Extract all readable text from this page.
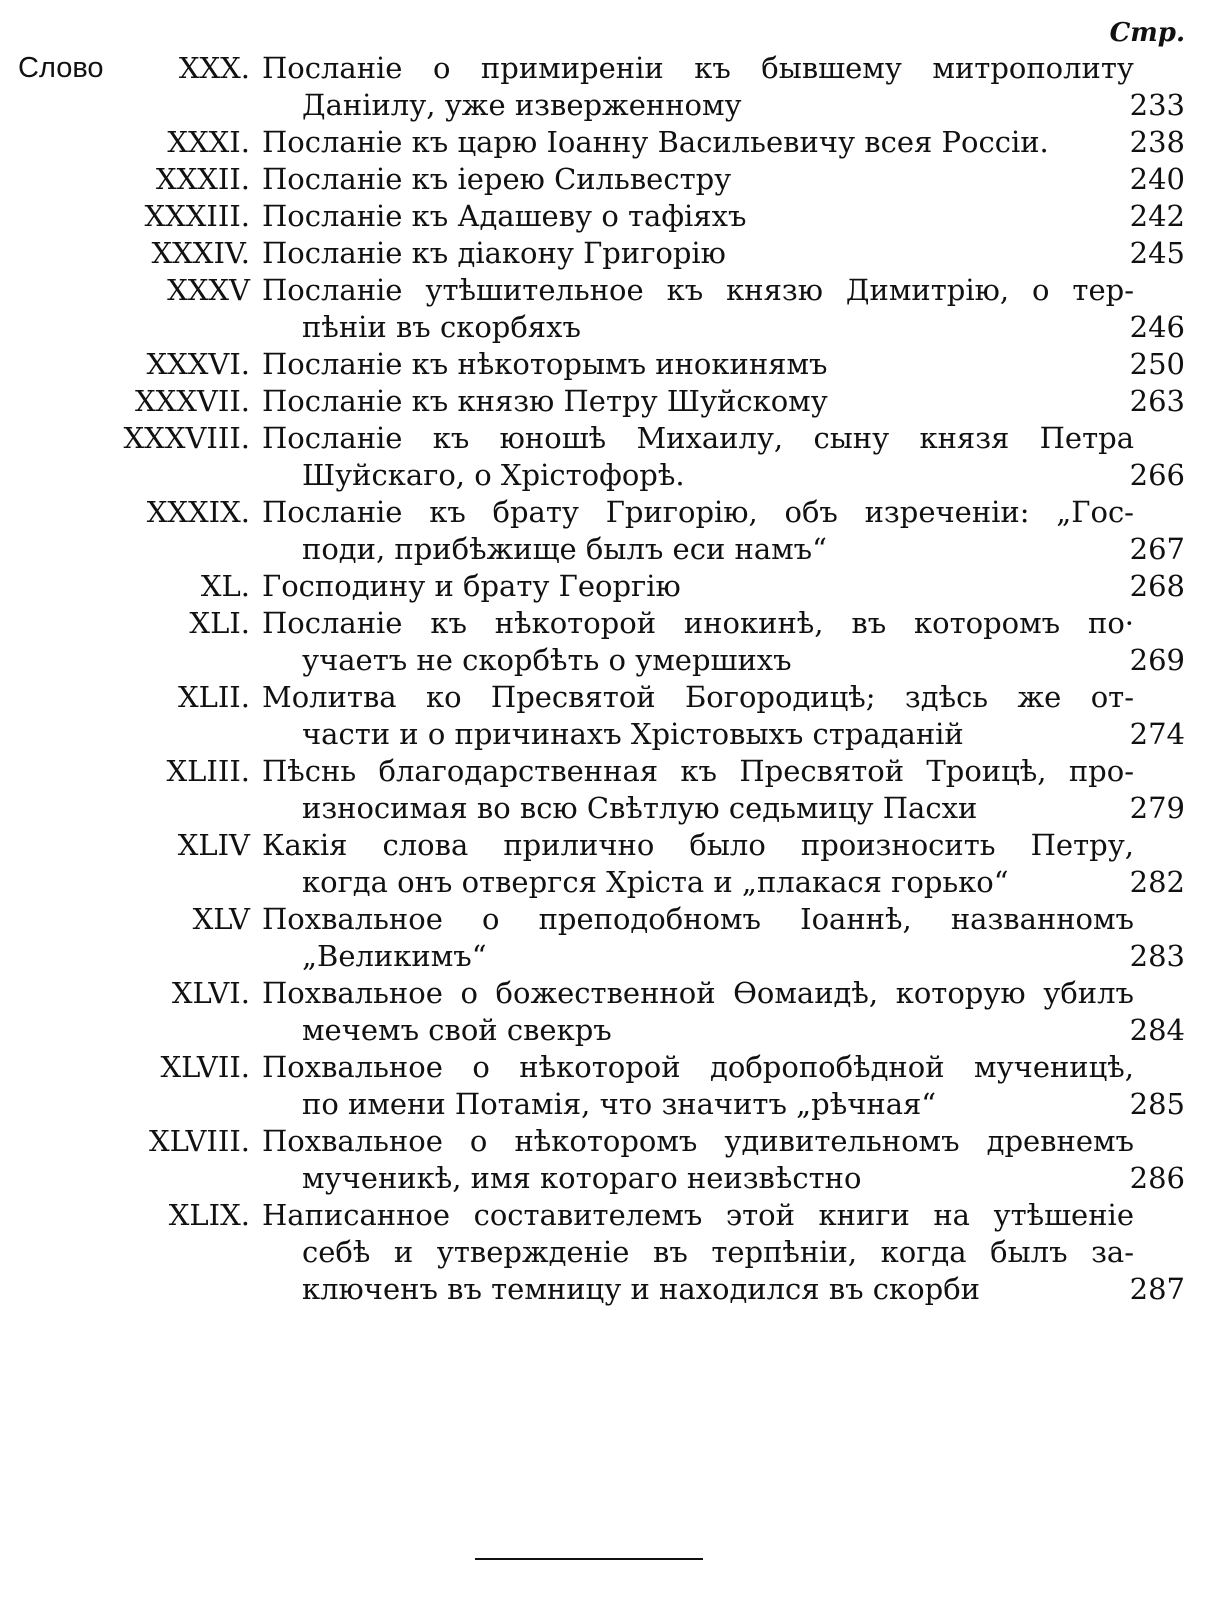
Стр.
Слово	XXX. Посланіе о примиреніи къ бывшему митрополиту
Даніилу, уже изверженному	233
XXXI. Посланіе къ царю Іоанну Васильевичу всея Россіи.	238
XXXII. Посланіе къ іерею Сильвестру	240
XXXIII. Посланіе къ Адашеву о тафіяхъ	242
XXXIV. Посланіе къ діакону Григорію	245
XXXV Посланіе утѣшительное къ князю Димитрію, о тер-
пѣніи въ скорбяхъ	246
XXXVI. Посланіе къ нѣкоторымъ инокинямъ	250
XXXVII. Посланіе къ князю Петру Шуйскому	263
XXXVIII. Посланіе къ юношѣ Михаилу, сыну князя Петра
Шуйскаго, о Хрістофорѣ.	266
XXXIX. Посланіе къ брату Григорію, объ изреченіи: „Гос-
поди, прибѣжище былъ еси намъ“	267
XL. Господину и брату Георгію	268
XLI. Посланіе къ нѣкоторой инокинѣ, въ которомъ по·
учаетъ не скорбѣть о умершихъ	269
XLII. Молитва ко Пресвятой Богородицѣ; здѣсь же от-
части и о причинахъ Хрістовыхъ страданій	274
XLIII. Пѣснь благодарственная къ Пресвятой Троицѣ, про-
износимая во всю Свѣтлую седьмицу Пасхи	279
XLIV Какія слова прилично было произносить Петру,
когда онъ отвергся Хріста и „плакася горько“	282
XLV Похвальное о преподобномъ Іоаннѣ, названномъ
„Великимъ“	283
XLVI. Похвальное о божественной Ѳомаидѣ, которую убилъ
мечемъ свой свекръ	284
XLVII. Похвальное о нѣкоторой добропобѣдной мученицѣ,
по имени Потамія, что значитъ „рѣчная“	285
XLVIII. Похвальное о нѣкоторомъ удивительномъ древнемъ
мученикѣ, имя котораго неизвѣстно	286
XLIX. Написанное составителемъ этой книги на утѣшеніе
себѣ и утвержденіе въ терпѣніи, когда былъ за-
ключенъ въ темницу и находился въ скорби	287
